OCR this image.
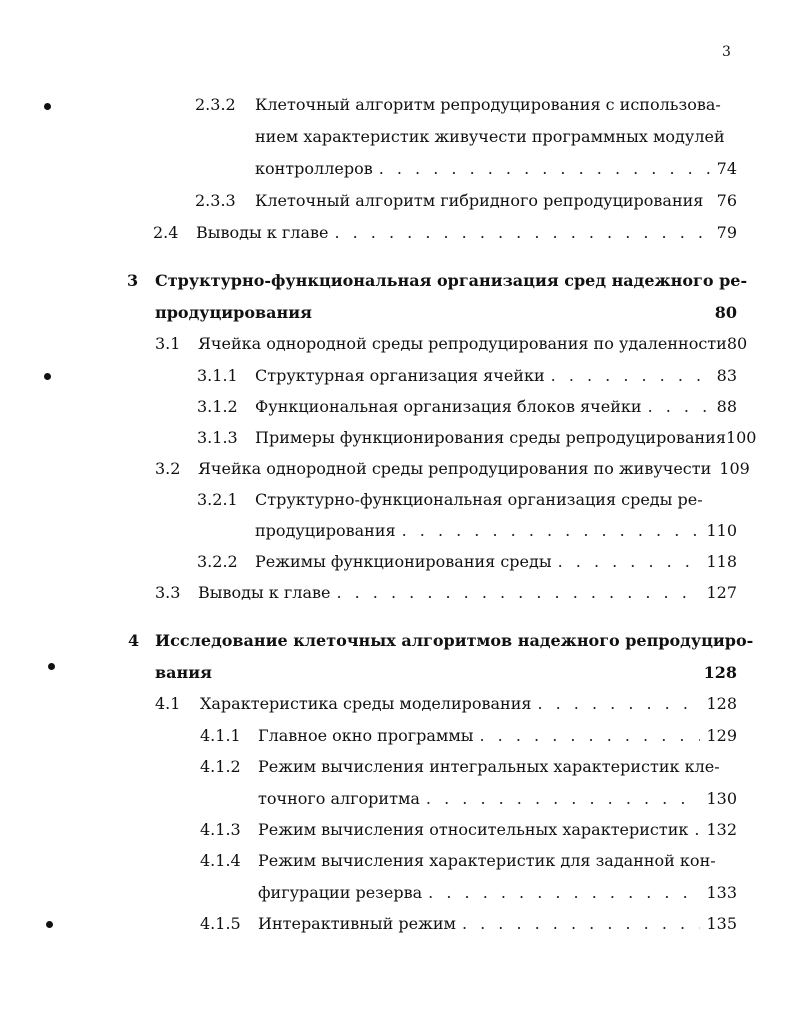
3
2.3.2	Клеточный алгоритм репродуцирования с использова-
нием характеристик живучести программных модулей
контроллеров . . .	74
2.3.3	Клеточный алгоритм гибридного репродуцирования . . . 76
2.4	Выводы к главе . . .	79
3 Структурно-функциональная организация сред надежного ре-
продуцирования	80
3.1	Ячейка однородной среды репродуцирования по удаленности 80
3.1.1	Структурная организация ячейки . . .	83
3.1.2	Функциональная организация блоков ячейки . . .	88
3.1.3	Примеры функционирования среды репродуцирования 100
3.2	Ячейка однородной среды репродуцирования по живучести 109
3.2.1	Структурно-функциональная организация среды ре-
продуцирования . . .	110
3.2.2	Режимы функционирования среды . . .	118
3.3	Выводы к главе . . .	127
4 Исследование клеточных алгоритмов надежного репродуциро-
вания	128
4.1	Характеристика среды моделирования . . .	128
4.1.1	Главное окно программы . . .	129
4.1.2	Режим вычисления интегральных характеристик кле-
точного алгоритма . . .	130
4.1.3	Режим вычисления относительных характеристик . . . 132
4.1.4	Режим вычисления характеристик для заданной кон-
фигурации резерва . . .	133
4.1.5	Интерактивный режим . . .	135
